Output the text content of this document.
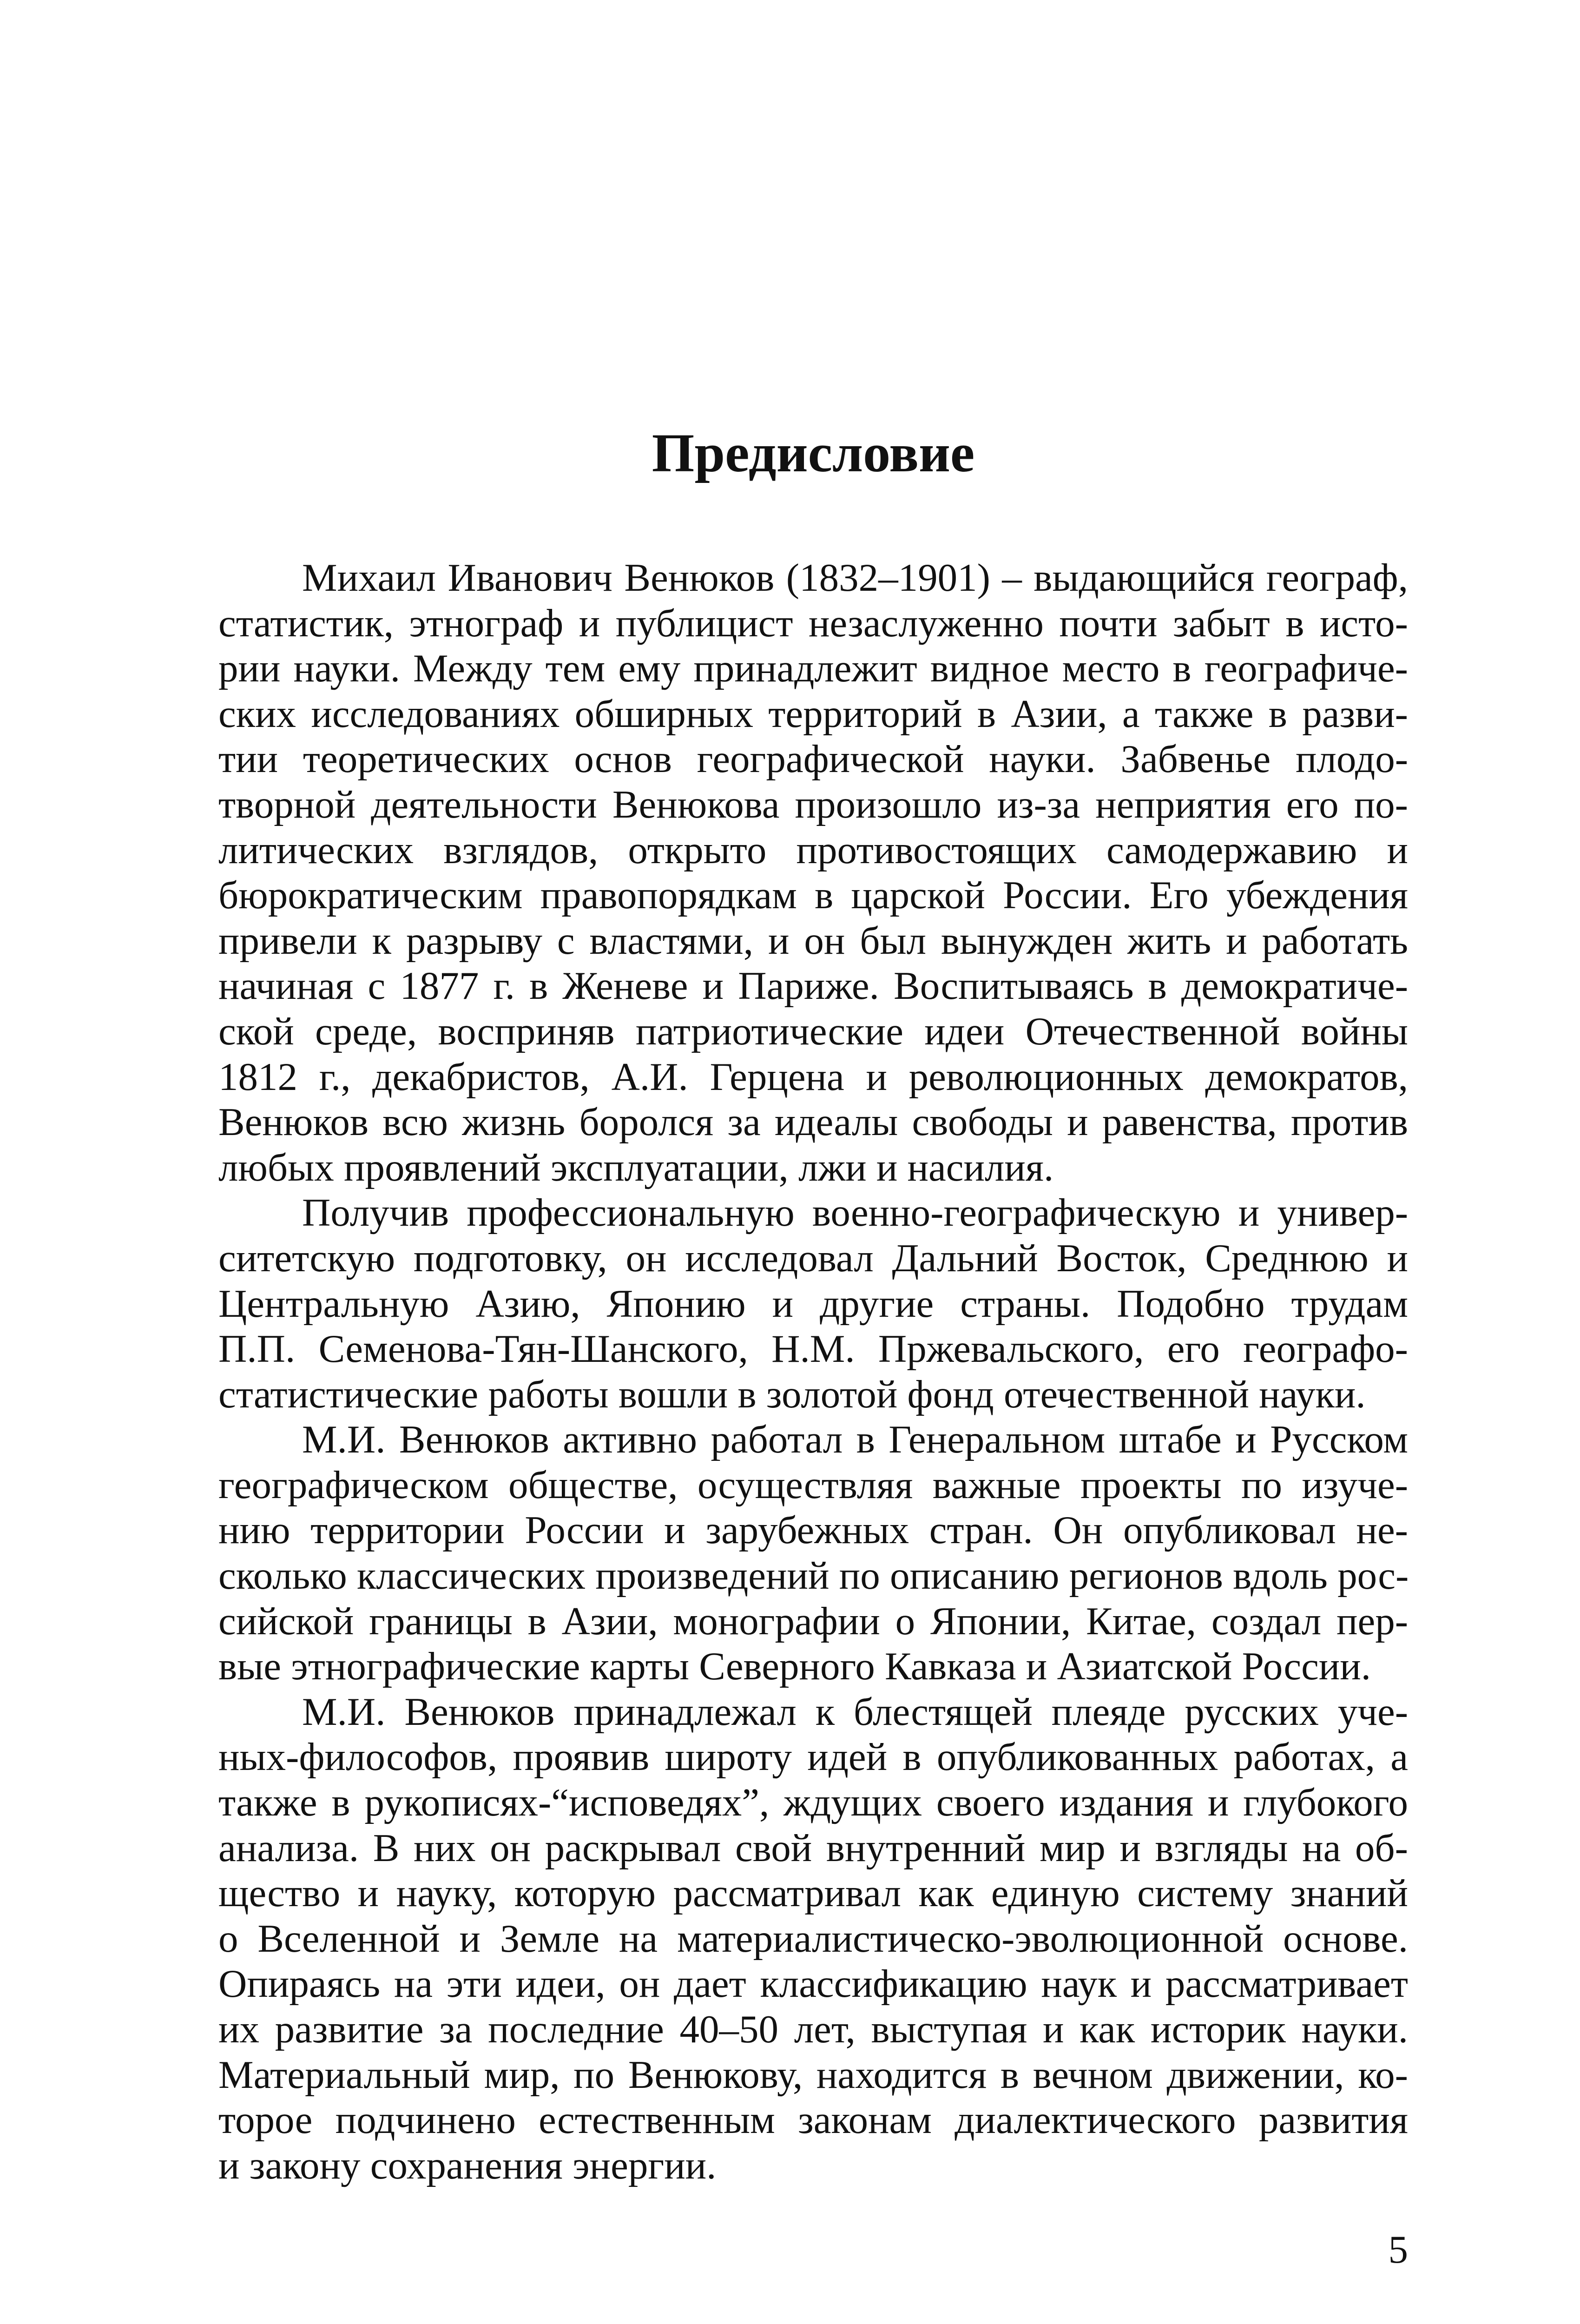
Предисловие

Михаил Иванович Венюков (1832–1901) – выдающийся географ,
статистик, этнограф и публицист незаслуженно почти забыт в исто-
рии науки. Между тем ему принадлежит видное место в географиче-
ских исследованиях обширных территорий в Азии, а также в разви-
тии теоретических основ географической науки. Забвенье плодо-
творной деятельности Венюкова произошло из-за неприятия его по-
литических взглядов, открыто противостоящих самодержавию и
бюрократическим правопорядкам в царской России. Его убеждения
привели к разрыву с властями, и он был вынужден жить и работать
начиная с 1877 г. в Женеве и Париже. Воспитываясь в демократиче-
ской среде, восприняв патриотические идеи Отечественной войны
1812 г., декабристов, А.И. Герцена и революционных демократов,
Венюков всю жизнь боролся за идеалы свободы и равенства, против
любых проявлений эксплуатации, лжи и насилия.

Получив профессиональную военно-географическую и универ-
ситетскую подготовку, он исследовал Дальний Восток, Среднюю и
Центральную Азию, Японию и другие страны. Подобно трудам
П.П. Семенова-Тян-Шанского, Н.М. Пржевальского, его географо-
статистические работы вошли в золотой фонд отечественной науки.

М.И. Венюков активно работал в Генеральном штабе и Русском
географическом обществе, осуществляя важные проекты по изуче-
нию территории России и зарубежных стран. Он опубликовал не-
сколько классических произведений по описанию регионов вдоль рос-
сийской границы в Азии, монографии о Японии, Китае, создал пер-
вые этнографические карты Северного Кавказа и Азиатской России.

М.И. Венюков принадлежал к блестящей плеяде русских уче-
ных-философов, проявив широту идей в опубликованных работах, а
также в рукописях-“исповедях”, ждущих своего издания и глубокого
анализа. В них он раскрывал свой внутренний мир и взгляды на об-
щество и науку, которую рассматривал как единую систему знаний
о Вселенной и Земле на материалистическо-эволюционной основе.
Опираясь на эти идеи, он дает классификацию наук и рассматривает
их развитие за последние 40–50 лет, выступая и как историк науки.
Материальный мир, по Венюкову, находится в вечном движении, ко-
торое подчинено естественным законам диалектического развития
и закону сохранения энергии.

5
